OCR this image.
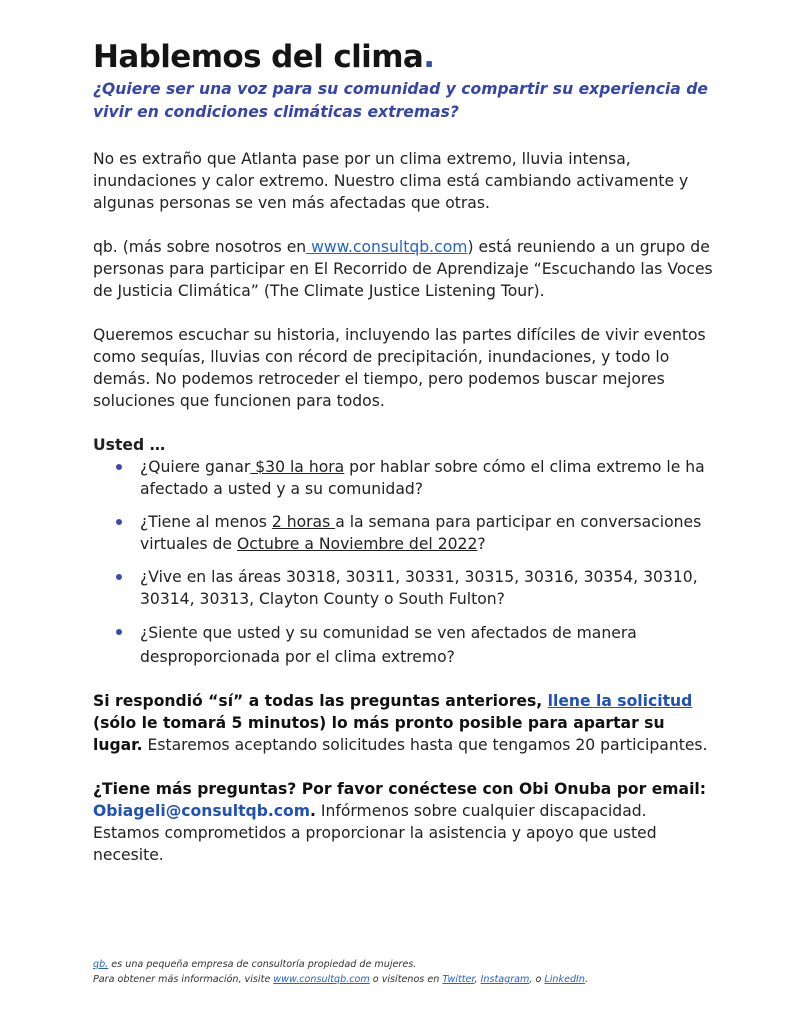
Hablemos del clima.
¿Quiere ser una voz para su comunidad y compartir su experiencia de vivir en condiciones climáticas extremas?

No es extraño que Atlanta pase por un clima extremo, lluvia intensa, inundaciones y calor extremo. Nuestro clima está cambiando activamente y algunas personas se ven más afectadas que otras.

qb. (más sobre nosotros en www.consultqb.com) está reuniendo a un grupo de personas para participar en El Recorrido de Aprendizaje “Escuchando las Voces de Justicia Climática” (The Climate Justice Listening Tour).

Queremos escuchar su historia, incluyendo las partes difíciles de vivir eventos como sequías, lluvias con récord de precipitación, inundaciones, y todo lo demás. No podemos retroceder el tiempo, pero podemos buscar mejores soluciones que funcionen para todos.

Usted …
¿Quiere ganar $30 la hora por hablar sobre cómo el clima extremo le ha afectado a usted y a su comunidad?
¿Tiene al menos 2 horas a la semana para participar en conversaciones virtuales de Octubre a Noviembre del 2022?
¿Vive en las áreas 30318, 30311, 30331, 30315, 30316, 30354, 30310, 30314, 30313, Clayton County o South Fulton?
¿Siente que usted y su comunidad se ven afectados de manera desproporcionada por el clima extremo?

Si respondió “sí” a todas las preguntas anteriores, llene la solicitud (sólo le tomará 5 minutos) lo más pronto posible para apartar su lugar. Estaremos aceptando solicitudes hasta que tengamos 20 participantes.

¿Tiene más preguntas? Por favor conéctese con Obi Onuba por email: Obiageli@consultqb.com. Infórmenos sobre cualquier discapacidad. Estamos comprometidos a proporcionar la asistencia y apoyo que usted necesite.

qb. es una pequeña empresa de consultoría propiedad de mujeres.
Para obtener más información, visite www.consultqb.com o visítenos en Twitter, Instagram, o LinkedIn.
